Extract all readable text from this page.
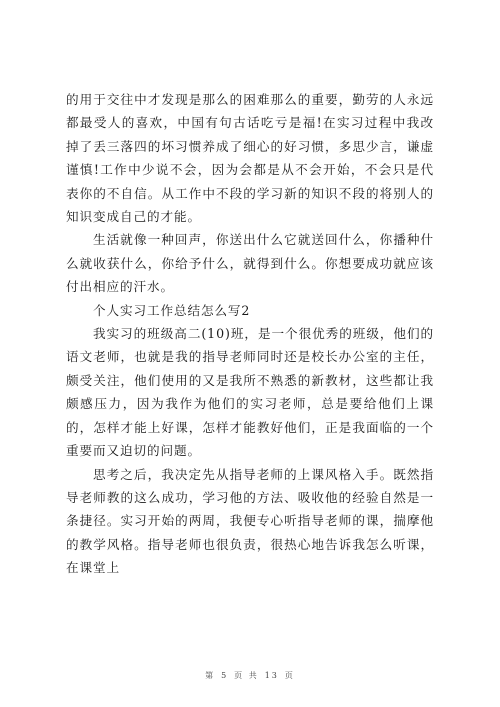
的用于交往中才发现是那么的困难那么的重要，勤劳的人永远都最受人的喜欢，中国有句古话吃亏是福!在实习过程中我改掉了丢三落四的坏习惯养成了细心的好习惯，多思少言，谦虚谨慎!工作中少说不会，因为会都是从不会开始，不会只是代表你的不自信。从工作中不段的学习新的知识不段的将别人的知识变成自己的才能。

生活就像一种回声，你送出什么它就送回什么，你播种什么就收获什么，你给予什么，就得到什么。你想要成功就应该付出相应的汗水。

个人实习工作总结怎么写2

我实习的班级高二(10)班，是一个很优秀的班级，他们的语文老师，也就是我的指导老师同时还是校长办公室的主任，颇受关注，他们使用的又是我所不熟悉的新教材，这些都让我颇感压力，因为我作为他们的实习老师，总是要给他们上课的，怎样才能上好课，怎样才能教好他们，正是我面临的一个重要而又迫切的问题。

思考之后，我决定先从指导老师的上课风格入手。既然指导老师教的这么成功，学习他的方法、吸收他的经验自然是一条捷径。实习开始的两周，我便专心听指导老师的课，揣摩他的教学风格。指导老师也很负责，很热心地告诉我怎么听课，在课堂上

第 5 页 共 13 页
